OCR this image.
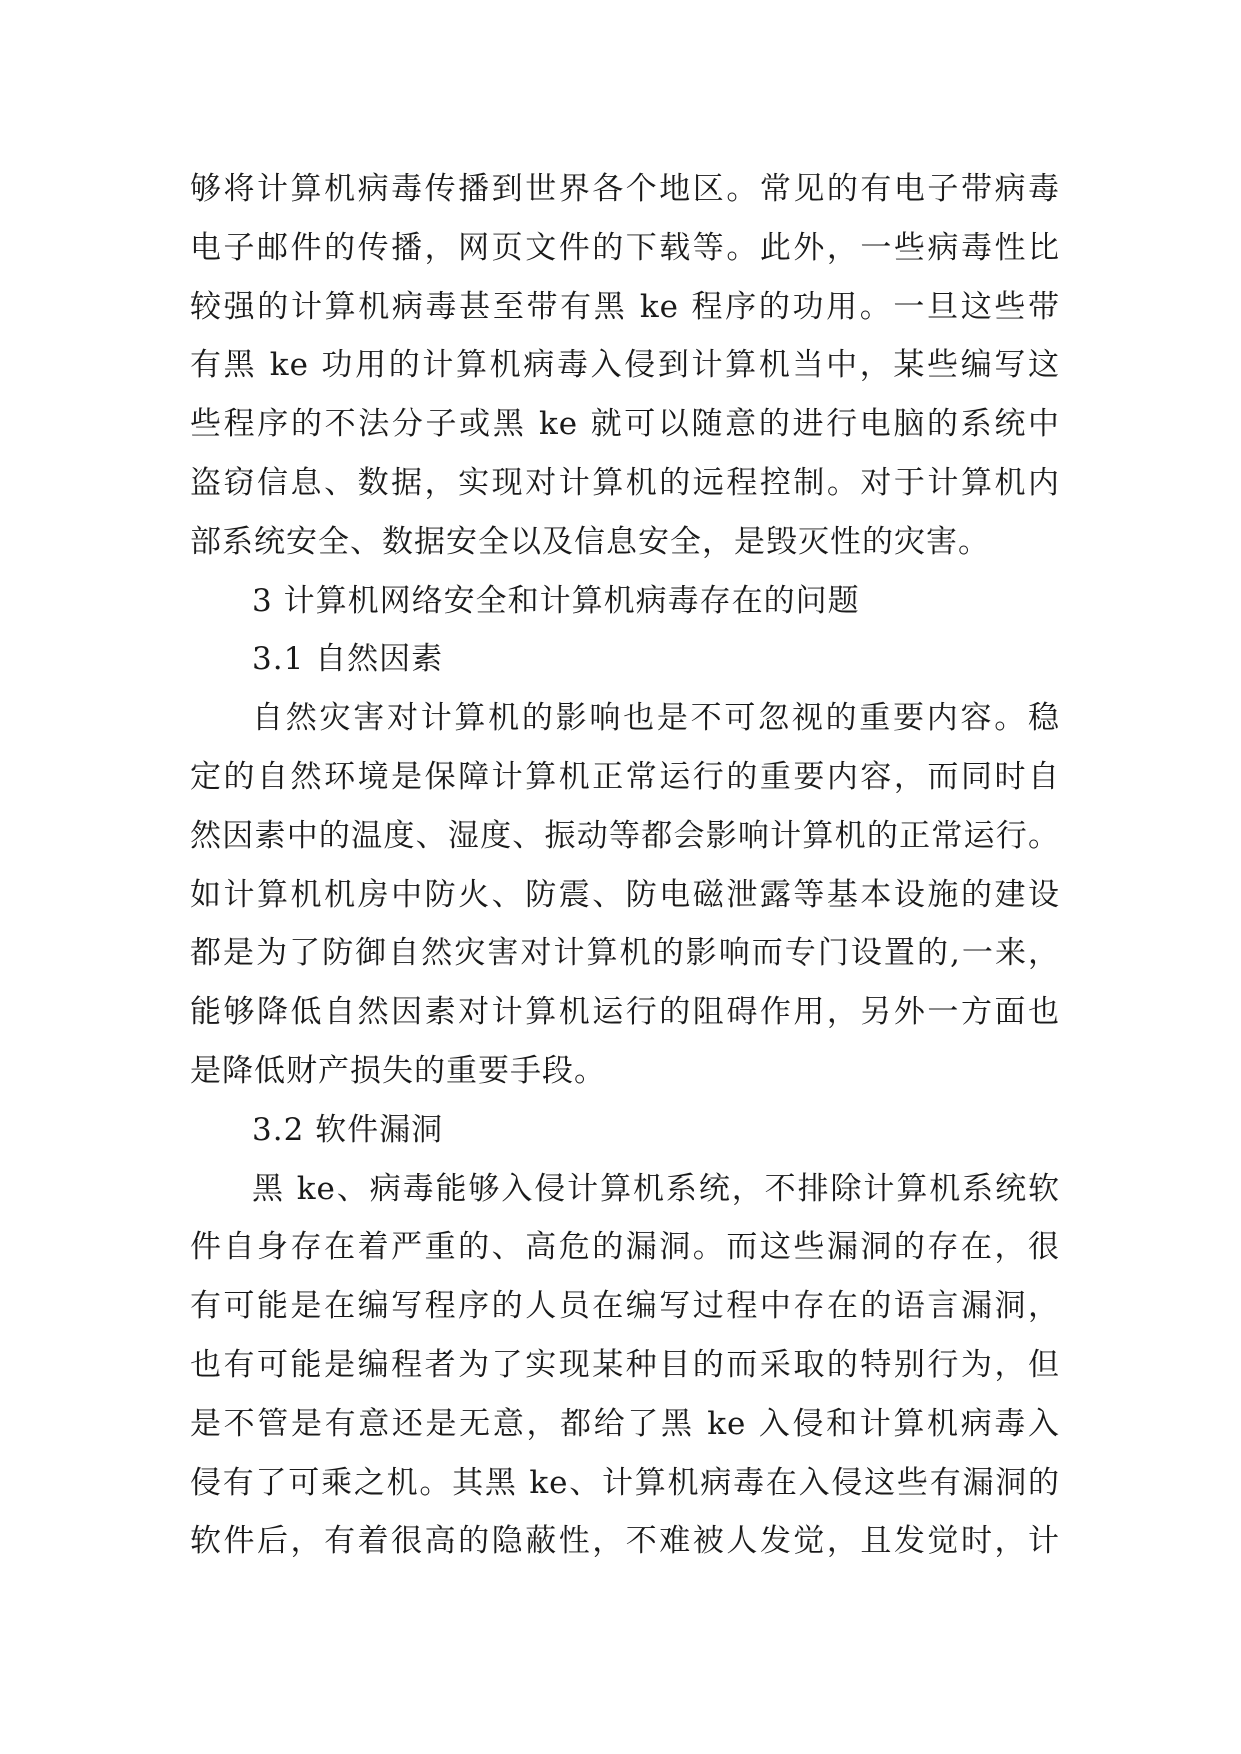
够将计算机病毒传播到世界各个地区。常见的有电子带病毒
电子邮件的传播，网页文件的下载等。此外，一些病毒性比
较强的计算机病毒甚至带有黑 ke 程序的功用。一旦这些带
有黑 ke 功用的计算机病毒入侵到计算机当中，某些编写这
些程序的不法分子或黑 ke 就可以随意的进行电脑的系统中
盗窃信息、数据，实现对计算机的远程控制。对于计算机内
部系统安全、数据安全以及信息安全，是毁灭性的灾害。
3 计算机网络安全和计算机病毒存在的问题
3.1 自然因素
自然灾害对计算机的影响也是不可忽视的重要内容。稳
定的自然环境是保障计算机正常运行的重要内容，而同时自
然因素中的温度、湿度、振动等都会影响计算机的正常运行。
如计算机机房中防火、防震、防电磁泄露等基本设施的建设
都是为了防御自然灾害对计算机的影响而专门设置的,一来，
能够降低自然因素对计算机运行的阻碍作用，另外一方面也
是降低财产损失的重要手段。
3.2 软件漏洞
黑 ke、病毒能够入侵计算机系统，不排除计算机系统软
件自身存在着严重的、高危的漏洞。而这些漏洞的存在，很
有可能是在编写程序的人员在编写过程中存在的语言漏洞，
也有可能是编程者为了实现某种目的而采取的特别行为，但
是不管是有意还是无意，都给了黑 ke 入侵和计算机病毒入
侵有了可乘之机。其黑 ke、计算机病毒在入侵这些有漏洞的
软件后，有着很高的隐蔽性，不难被人发觉，且发觉时，计
